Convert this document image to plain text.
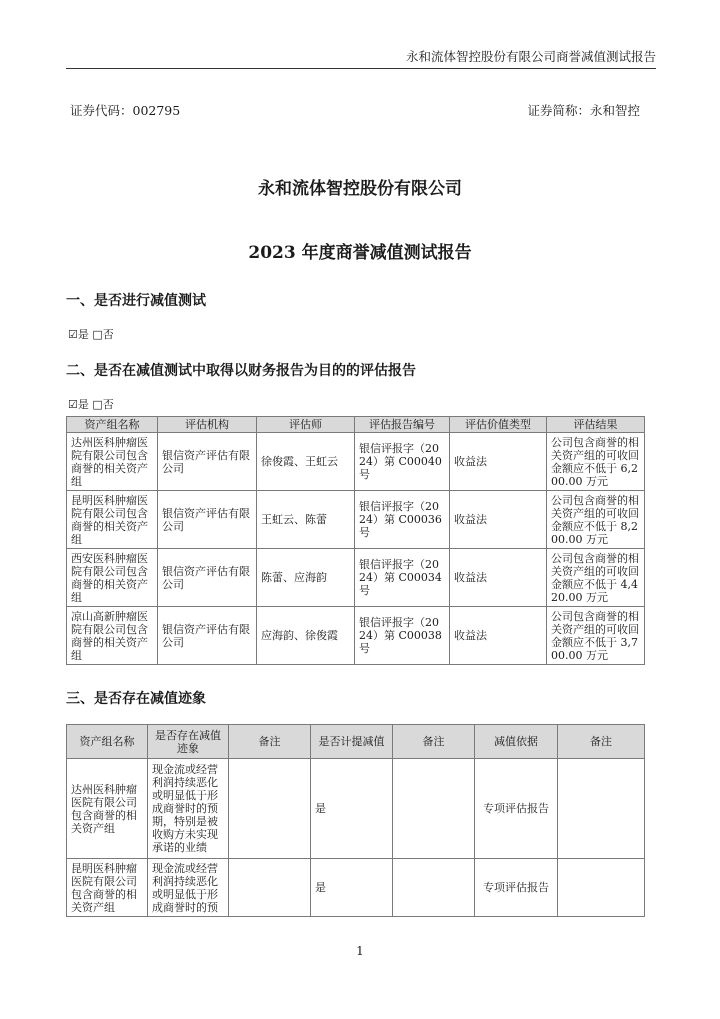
永和流体智控股份有限公司商誉减值测试报告
证券代码：002795	证券简称：永和智控
永和流体智控股份有限公司
2023 年度商誉减值测试报告
一、是否进行减值测试
☑是 □否
二、是否在减值测试中取得以财务报告为目的的评估报告
☑是 □否
资产组名称	评估机构	评估师	评估报告编号	评估价值类型	评估结果
达州医科肿瘤医院有限公司包含商誉的相关资产组	银信资产评估有限公司	徐俊霞、王虹云	银信评报字（2024）第 C00040 号	收益法	公司包含商誉的相关资产组的可收回金额应不低于 6,200.00 万元
昆明医科肿瘤医院有限公司包含商誉的相关资产组	银信资产评估有限公司	王虹云、陈蕾	银信评报字（2024）第 C00036 号	收益法	公司包含商誉的相关资产组的可收回金额应不低于 8,200.00 万元
西安医科肿瘤医院有限公司包含商誉的相关资产组	银信资产评估有限公司	陈蕾、应海韵	银信评报字（2024）第 C00034 号	收益法	公司包含商誉的相关资产组的可收回金额应不低于 4,420.00 万元
凉山高新肿瘤医院有限公司包含商誉的相关资产组	银信资产评估有限公司	应海韵、徐俊霞	银信评报字（2024）第 C00038 号	收益法	公司包含商誉的相关资产组的可收回金额应不低于 3,700.00 万元
三、是否存在减值迹象
资产组名称	是否存在减值迹象	备注	是否计提减值	备注	减值依据	备注
达州医科肿瘤医院有限公司包含商誉的相关资产组	现金流或经营利润持续恶化或明显低于形成商誉时的预期，特别是被收购方未实现承诺的业绩		是		专项评估报告	
昆明医科肿瘤医院有限公司包含商誉的相关资产组	现金流或经营利润持续恶化或明显低于形成商誉时的预		是		专项评估报告	
1
